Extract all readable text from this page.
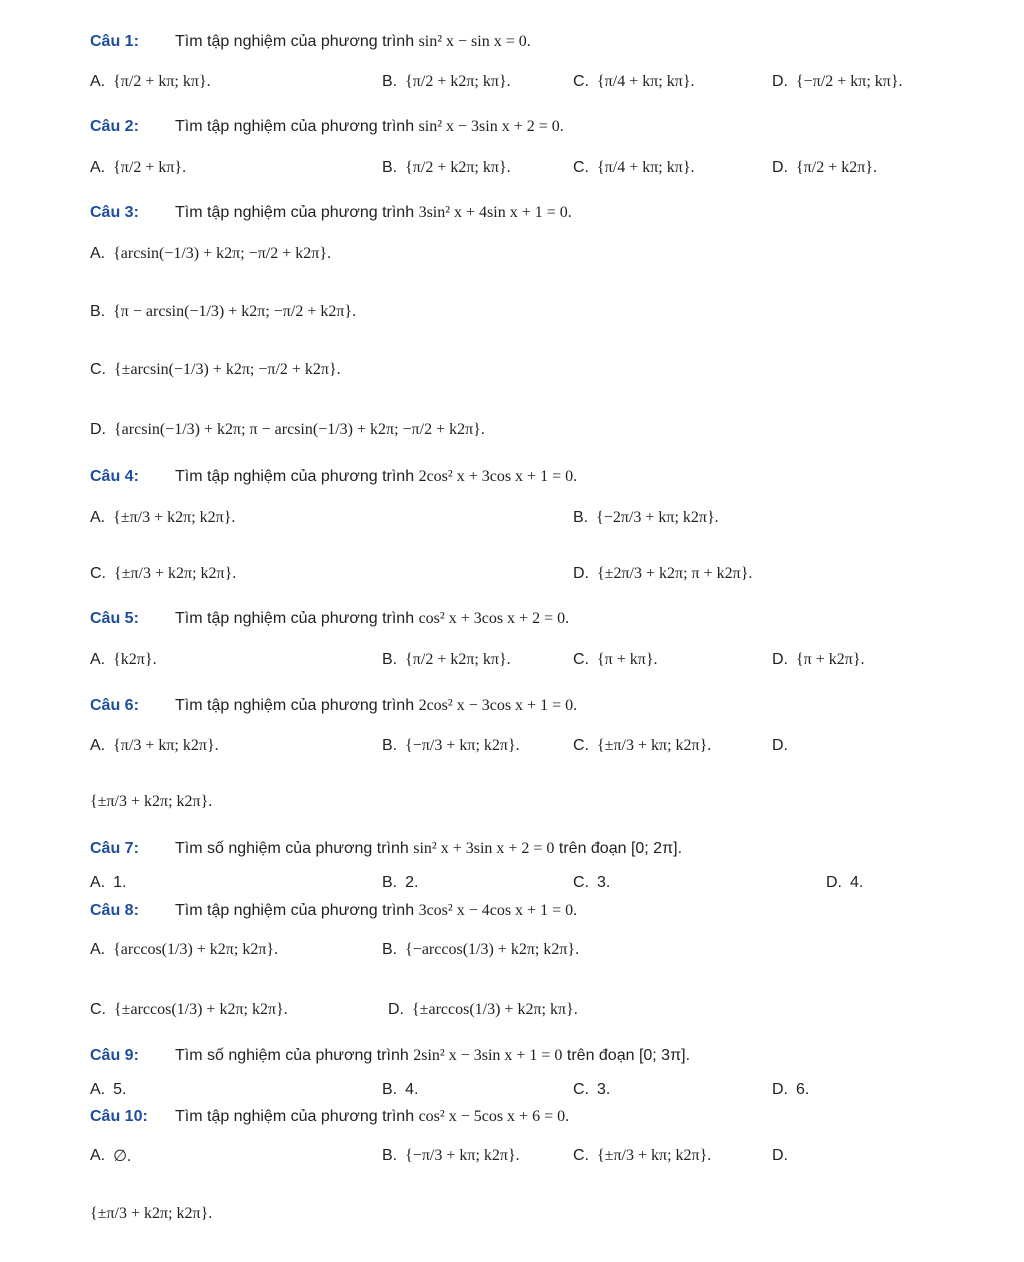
Câu 1: Tìm tập nghiệm của phương trình sin² x − sin x = 0.
A. {π/2 + kπ; kπ}.	B. {π/2 + k2π; kπ}.	C. {π/4 + kπ; kπ}.	D. {−π/2 + kπ; kπ}.
Câu 2: Tìm tập nghiệm của phương trình sin² x − 3sin x + 2 = 0.
A. {π/2 + kπ}.	B. {π/2 + k2π; kπ}.	C. {π/4 + kπ; kπ}.	D. {π/2 + k2π}.
Câu 3: Tìm tập nghiệm của phương trình 3sin² x + 4sin x + 1 = 0.
A. {arcsin(−1/3) + k2π; −π/2 + k2π}.
B. {π − arcsin(−1/3) + k2π; −π/2 + k2π}.
C. {±arcsin(−1/3) + k2π; −π/2 + k2π}.
D. {arcsin(−1/3) + k2π; π − arcsin(−1/3) + k2π; −π/2 + k2π}.
Câu 4: Tìm tập nghiệm của phương trình 2cos² x + 3cos x + 1 = 0.
A. {±π/3 + k2π; k2π}.	B. {−2π/3 + kπ; k2π}.
C. {±π/3 + k2π; k2π}.	D. {±2π/3 + k2π; π + k2π}.
Câu 5: Tìm tập nghiệm của phương trình cos² x + 3cos x + 2 = 0.
A. {k2π}.	B. {π/2 + k2π; kπ}.	C. {π + kπ}.	D. {π + k2π}.
Câu 6: Tìm tập nghiệm của phương trình 2cos² x − 3cos x + 1 = 0.
A. {π/3 + kπ; k2π}.	B. {−π/3 + kπ; k2π}.	C. {±π/3 + kπ; k2π}.	D.
{±π/3 + k2π; k2π}.
Câu 7: Tìm số nghiệm của phương trình sin² x + 3sin x + 2 = 0 trên đoạn [0; 2π].
A. 1.	B. 2.	C. 3.	D. 4.
Câu 8: Tìm tập nghiệm của phương trình 3cos² x − 4cos x + 1 = 0.
A. {arccos(1/3) + k2π; k2π}.	B. {−arccos(1/3) + k2π; k2π}.
C. {±arccos(1/3) + k2π; k2π}.	D. {±arccos(1/3) + k2π; kπ}.
Câu 9: Tìm số nghiệm của phương trình 2sin² x − 3sin x + 1 = 0 trên đoạn [0; 3π].
A. 5.	B. 4.	C. 3.	D. 6.
Câu 10: Tìm tập nghiệm của phương trình cos² x − 5cos x + 6 = 0.
A. ∅.	B. {−π/3 + kπ; k2π}.	C. {±π/3 + kπ; k2π}.	D.
{±π/3 + k2π; k2π}.
